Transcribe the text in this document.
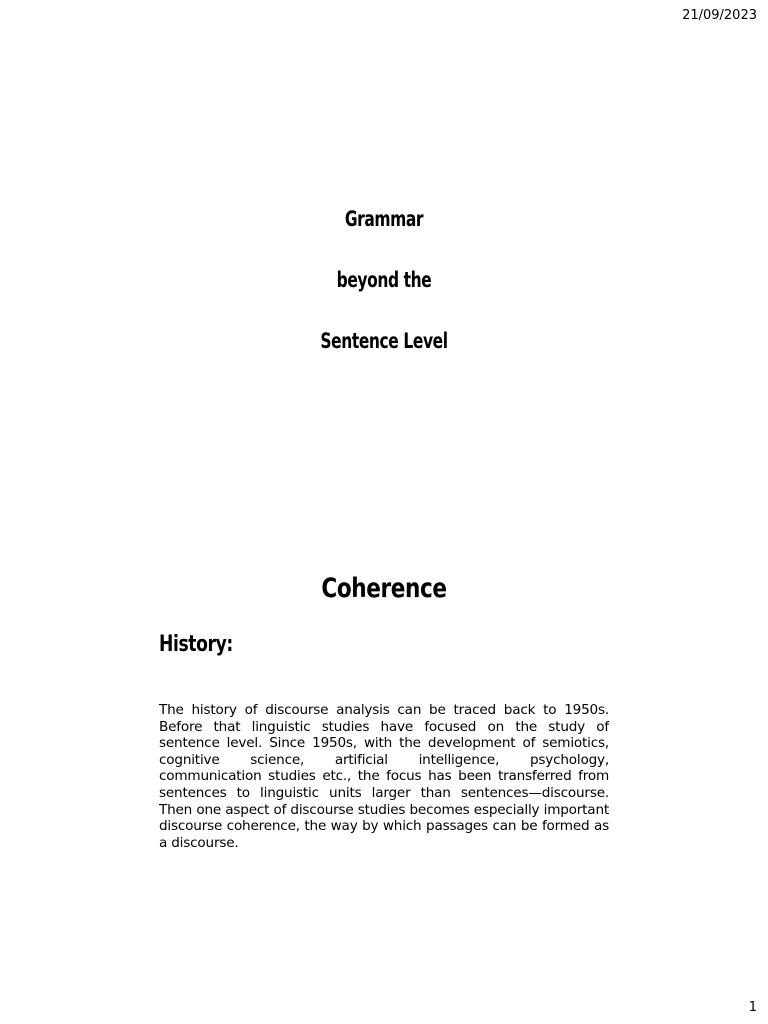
21/09/2023
Grammar
beyond the
Sentence Level
Coherence
History:
The history of discourse analysis can be traced back to 1950s. Before that linguistic studies have focused on the study of sentence level. Since 1950s, with the development of semiotics, cognitive science, artificial intelligence, psychology, communication studies etc., the focus has been transferred from sentences to linguistic units larger than sentences—discourse. Then one aspect of discourse studies becomes especially important discourse coherence, the way by which passages can be formed as a discourse.
1
